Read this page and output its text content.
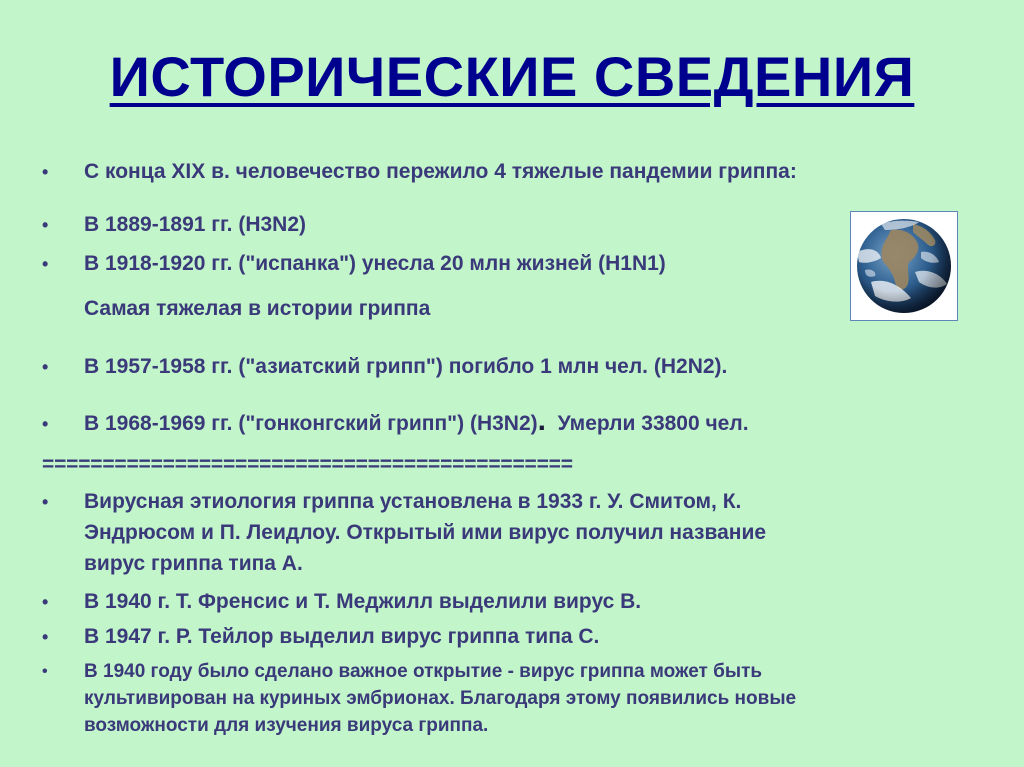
ИСТОРИЧЕСКИЕ СВЕДЕНИЯ
• С конца XIX в. человечество пережило 4 тяжелые пандемии гриппа:
• В 1889-1891 гг. (H3N2)
• В 1918-1920 гг. ("испанка") унесла 20 млн жизней (H1N1)
Самая тяжелая в истории гриппа
• В 1957-1958 гг. ("азиатский грипп") погибло 1 млн чел. (H2N2).
• В 1968-1969 гг. ("гонконгский грипп") (H3N2).  Умерли 33800 чел.
============================================
• Вирусная этиология гриппа установлена в 1933 г. У. Смитом, К.
Эндрюсом и П. Леидлоу. Открытый ими вирус получил название
вирус гриппа типа А.
• В 1940 г. Т. Френсис и Т. Меджилл выделили вирус В.
• В 1947 г. Р. Тейлор выделил вирус гриппа типа С.
• В 1940 году было сделано важное открытие - вирус гриппа может быть
культивирован на куриных эмбрионах. Благодаря этому появились новые
возможности для изучения вируса гриппа.
